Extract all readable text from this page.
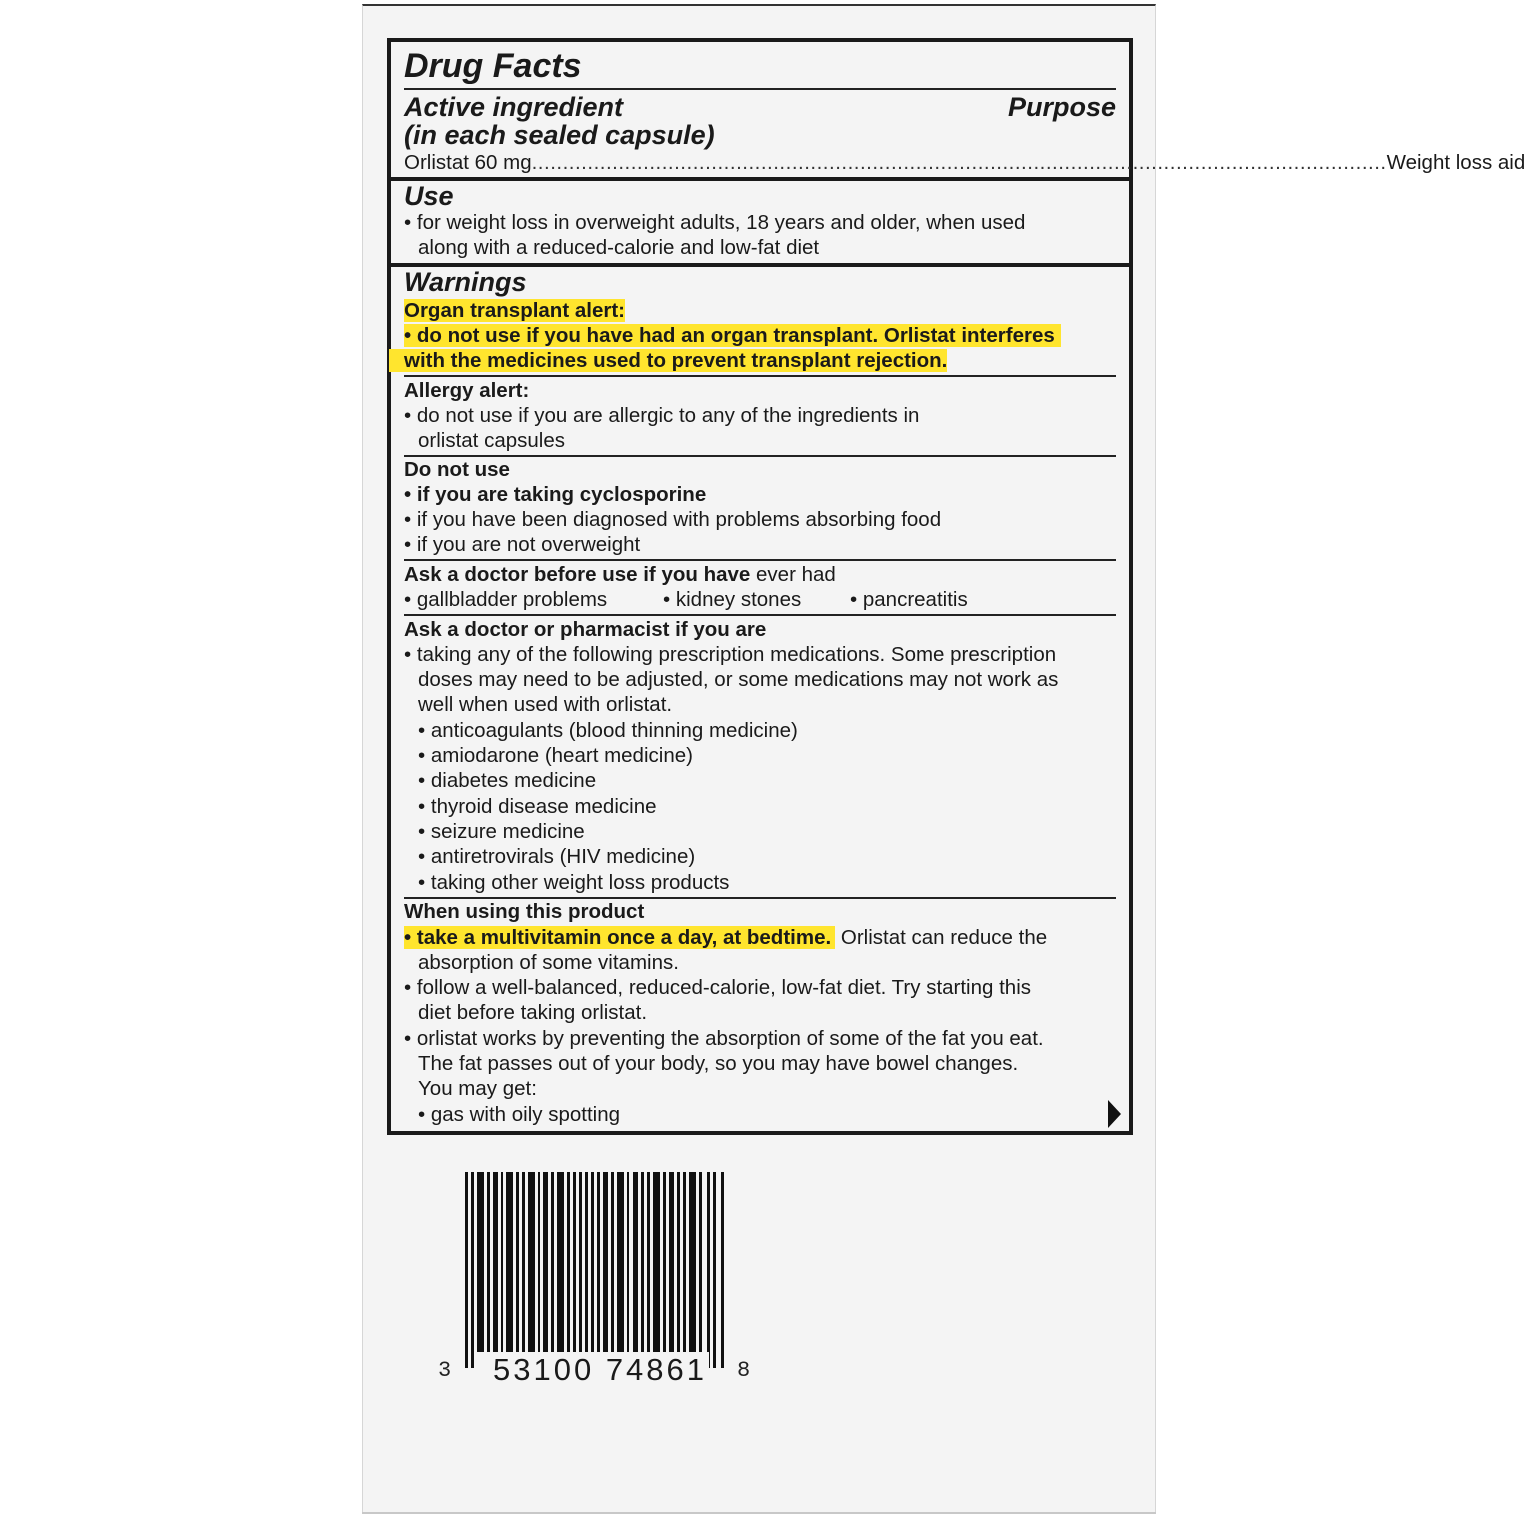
Drug Facts
Active ingredient	Purpose
(in each sealed capsule)
Orlistat 60 mg .......................................................................................................................................... Weight loss aid
Use
• for weight loss in overweight adults, 18 years and older, when used
along with a reduced-calorie and low-fat diet
Warnings
Organ transplant alert:
• do not use if you have had an organ transplant. Orlistat interferes
with the medicines used to prevent transplant rejection.
Allergy alert:
• do not use if you are allergic to any of the ingredients in
orlistat capsules
Do not use
• if you are taking cyclosporine
• if you have been diagnosed with problems absorbing food
• if you are not overweight
Ask a doctor before use if you have ever had
• gallbladder problems	• kidney stones • pancreatitis
Ask a doctor or pharmacist if you are
• taking any of the following prescription medications. Some prescription
doses may need to be adjusted, or some medications may not work as
well when used with orlistat.
• anticoagulants (blood thinning medicine)
• amiodarone (heart medicine)
• diabetes medicine
• thyroid disease medicine
• seizure medicine
• antiretrovirals (HIV medicine)
• taking other weight loss products
When using this product
• take a multivitamin once a day, at bedtime. Orlistat can reduce the
absorption of some vitamins.
• follow a well-balanced, reduced-calorie, low-fat diet. Try starting this
diet before taking orlistat.
• orlistat works by preventing the absorption of some of the fat you eat.
The fat passes out of your body, so you may have bowel changes.
You may get:
• gas with oily spotting
3 53100 74861 8
